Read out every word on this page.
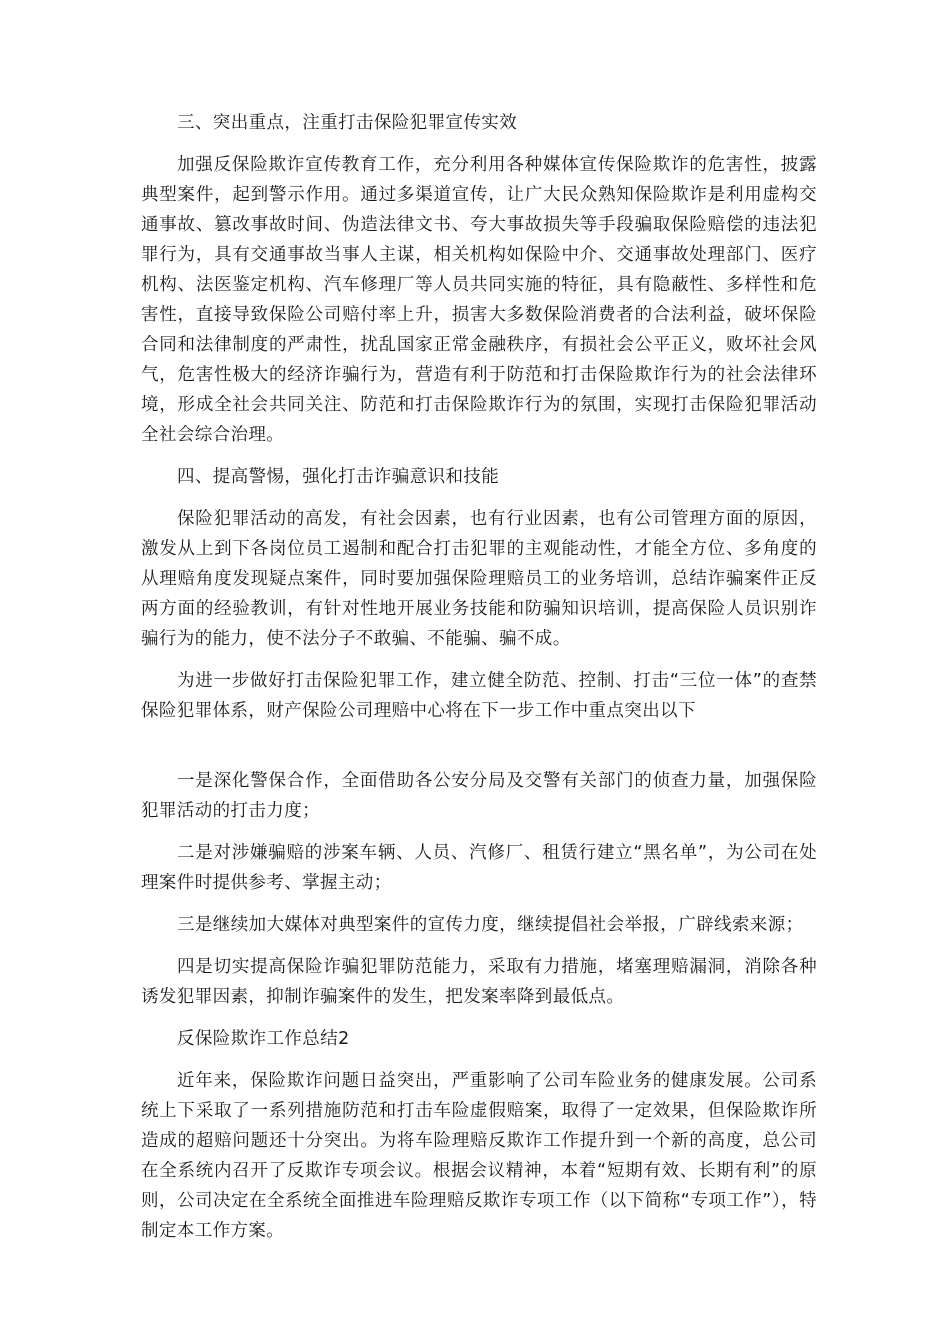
三、突出重点，注重打击保险犯罪宣传实效

加强反保险欺诈宣传教育工作，充分利用各种媒体宣传保险欺诈的危害性，披露典型案件，起到警示作用。通过多渠道宣传，让广大民众熟知保险欺诈是利用虚构交通事故、篡改事故时间、伪造法律文书、夸大事故损失等手段骗取保险赔偿的违法犯罪行为，具有交通事故当事人主谋，相关机构如保险中介、交通事故处理部门、医疗机构、法医鉴定机构、汽车修理厂等人员共同实施的特征，具有隐蔽性、多样性和危害性，直接导致保险公司赔付率上升，损害大多数保险消费者的合法利益，破坏保险合同和法律制度的严肃性，扰乱国家正常金融秩序，有损社会公平正义，败坏社会风气，危害性极大的经济诈骗行为，营造有利于防范和打击保险欺诈行为的社会法律环境，形成全社会共同关注、防范和打击保险欺诈行为的氛围，实现打击保险犯罪活动全社会综合治理。

四、提高警惕，强化打击诈骗意识和技能

保险犯罪活动的高发，有社会因素，也有行业因素，也有公司管理方面的原因，激发从上到下各岗位员工遏制和配合打击犯罪的主观能动性，才能全方位、多角度的从理赔角度发现疑点案件，同时要加强保险理赔员工的业务培训，总结诈骗案件正反两方面的经验教训，有针对性地开展业务技能和防骗知识培训，提高保险人员识别诈骗行为的能力，使不法分子不敢骗、不能骗、骗不成。

为进一步做好打击保险犯罪工作，建立健全防范、控制、打击“三位一体”的查禁保险犯罪体系，财产保险公司理赔中心将在下一步工作中重点突出以下

一是深化警保合作，全面借助各公安分局及交警有关部门的侦查力量，加强保险犯罪活动的打击力度；

二是对涉嫌骗赔的涉案车辆、人员、汽修厂、租赁行建立“黑名单”，为公司在处理案件时提供参考、掌握主动；

三是继续加大媒体对典型案件的宣传力度，继续提倡社会举报，广辟线索来源；

四是切实提高保险诈骗犯罪防范能力，采取有力措施，堵塞理赔漏洞，消除各种诱发犯罪因素，抑制诈骗案件的发生，把发案率降到最低点。

反保险欺诈工作总结2

近年来，保险欺诈问题日益突出，严重影响了公司车险业务的健康发展。公司系统上下采取了一系列措施防范和打击车险虚假赔案，取得了一定效果，但保险欺诈所造成的超赔问题还十分突出。为将车险理赔反欺诈工作提升到一个新的高度，总公司在全系统内召开了反欺诈专项会议。根据会议精神，本着“短期有效、长期有利”的原则，公司决定在全系统全面推进车险理赔反欺诈专项工作（以下简称“专项工作”），特制定本工作方案。
